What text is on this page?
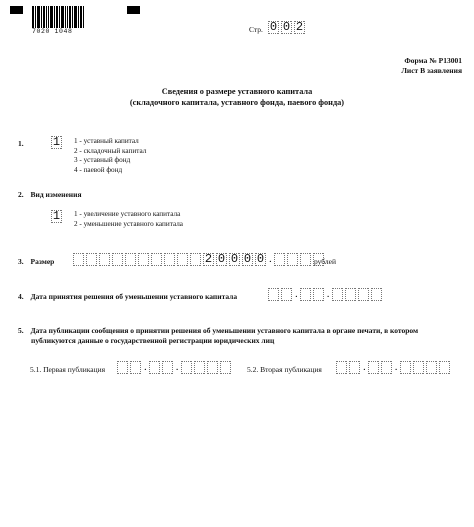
7020 1048	Стр. 0 0 2
Форма № Р13001
Лист В заявления
Сведения о размере уставного капитала
(складочного капитала, уставного фонда, паевого фонда)
1. 1 1 - уставный капитал
2 - складочный капитал
3 - уставный фонд
4 - паевой фонд
2. Вид изменения
1 1 - увеличение уставного капитала
2 - уменьшение уставного капитала
3. Размер	2 0 0 0 0 .	рублей
4. Дата принятия решения об уменьшении уставного капитала	.	.
5. Дата публикации сообщения о принятии решения об уменьшении уставного капитала в органе печати, в котором
публикуются данные о государственной регистрации юридических лиц
5.1. Первая публикация	.	.	5.2. Вторая публикация	.	.
